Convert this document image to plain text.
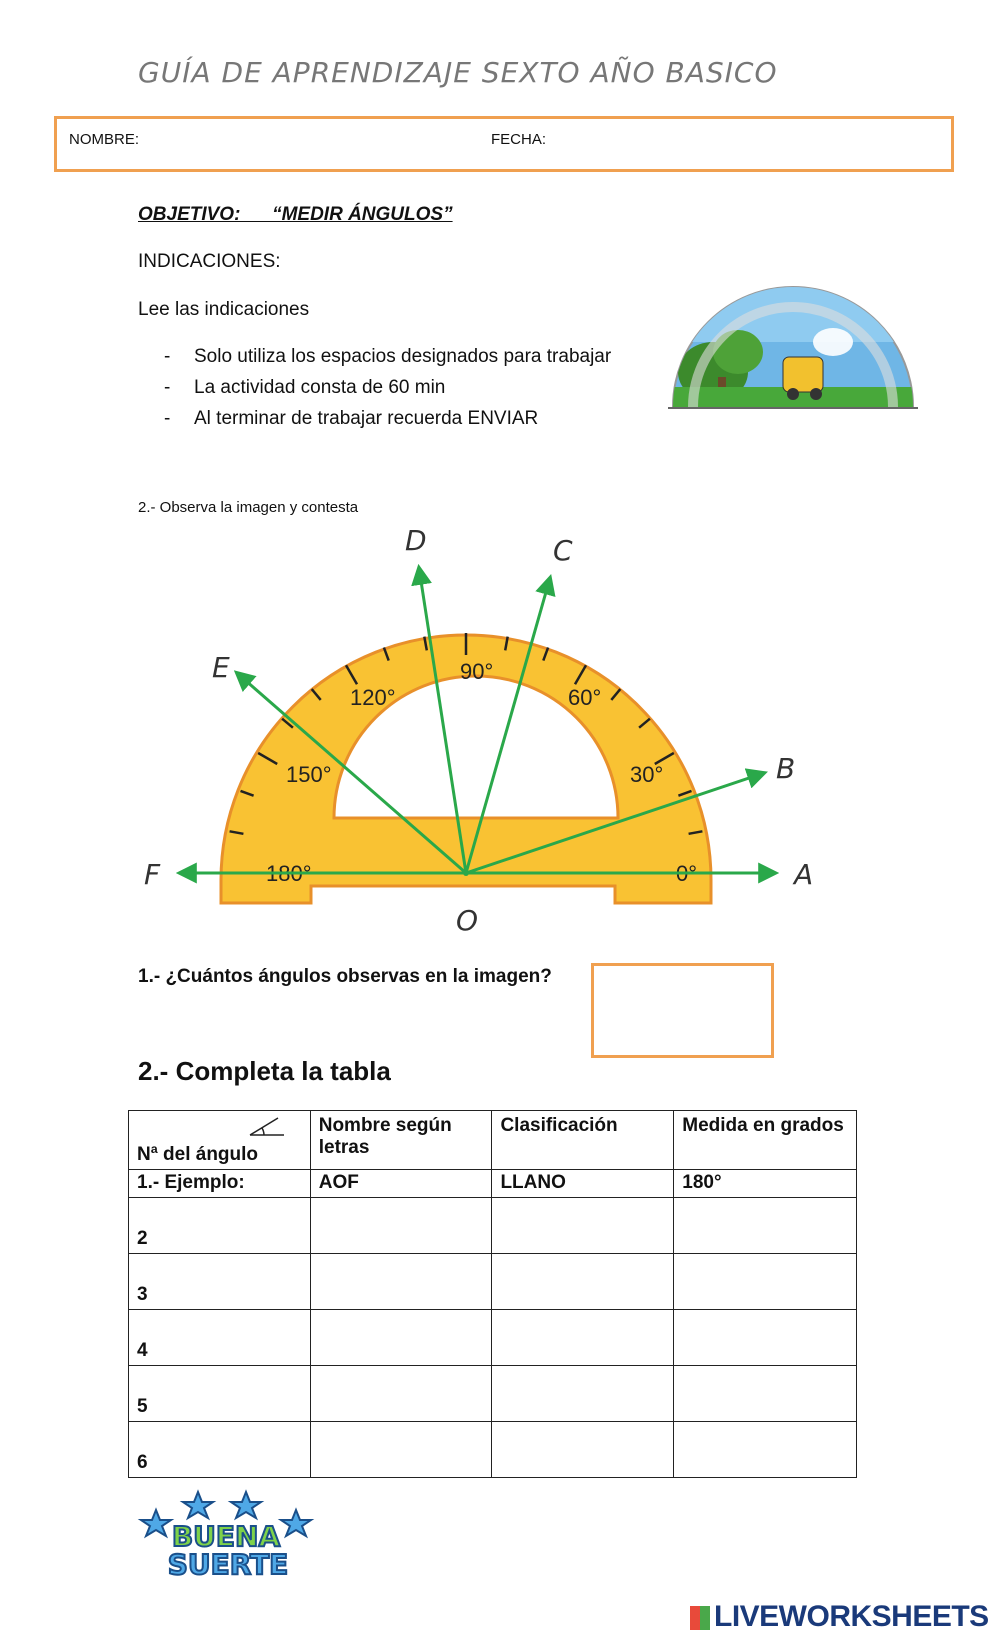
GUÍA DE APRENDIZAJE SEXTO AÑO BASICO
NOMBRE:	FECHA:
OBJETIVO:      “MEDIR ÁNGULOS”
INDICACIONES:
Lee las indicaciones
- Solo utiliza los espacios designados para trabajar
- La actividad consta de 60 min
- Al terminar de trabajar recuerda ENVIAR
2.- Observa la imagen y contesta
0°
30°
60°
90°
120°
150°
180°	A
B
C
D
E
F
O
1.- ¿Cuántos ángulos observas en la imagen?
2.- Completa la tabla
Nª del ángulo	Nombre según letras	Clasificación	Medida en grados
1.- Ejemplo:	AOF	LLANO	180°
2			
3			
4			
5			
6			
BUENA
SUERTE
LIVEWORKSHEETS
